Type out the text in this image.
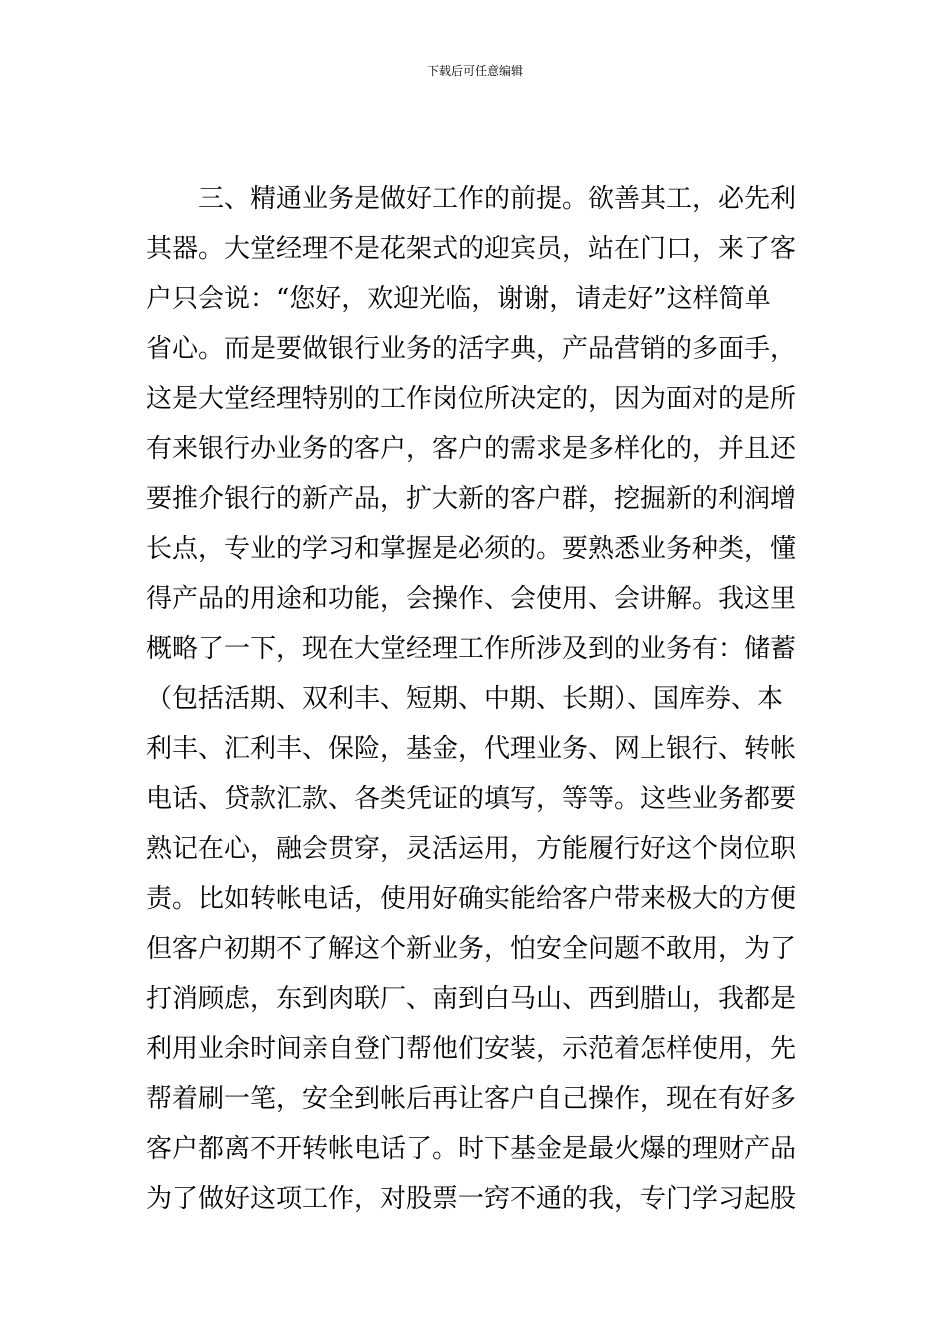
下载后可任意编辑
三、精通业务是做好工作的前提。欲善其工，必先利
其器。大堂经理不是花架式的迎宾员，站在门口，来了客
户只会说：“您好，欢迎光临，谢谢，请走好”这样简单
省心。而是要做银行业务的活字典，产品营销的多面手，
这是大堂经理特别的工作岗位所决定的，因为面对的是所
有来银行办业务的客户，客户的需求是多样化的，并且还
要推介银行的新产品，扩大新的客户群，挖掘新的利润增
长点，专业的学习和掌握是必须的。要熟悉业务种类，懂
得产品的用途和功能，会操作、会使用、会讲解。我这里
概略了一下，现在大堂经理工作所涉及到的业务有：储蓄
（包括活期、双利丰、短期、中期、长期）、国库券、本
利丰、汇利丰、保险，基金，代理业务、网上银行、转帐
电话、贷款汇款、各类凭证的填写，等等。这些业务都要
熟记在心，融会贯穿，灵活运用，方能履行好这个岗位职
责。比如转帐电话，使用好确实能给客户带来极大的方便
但客户初期不了解这个新业务，怕安全问题不敢用，为了
打消顾虑，东到肉联厂、南到白马山、西到腊山，我都是
利用业余时间亲自登门帮他们安装，示范着怎样使用，先
帮着刷一笔，安全到帐后再让客户自己操作，现在有好多
客户都离不开转帐电话了。时下基金是最火爆的理财产品
为了做好这项工作，对股票一窍不通的我，专门学习起股
